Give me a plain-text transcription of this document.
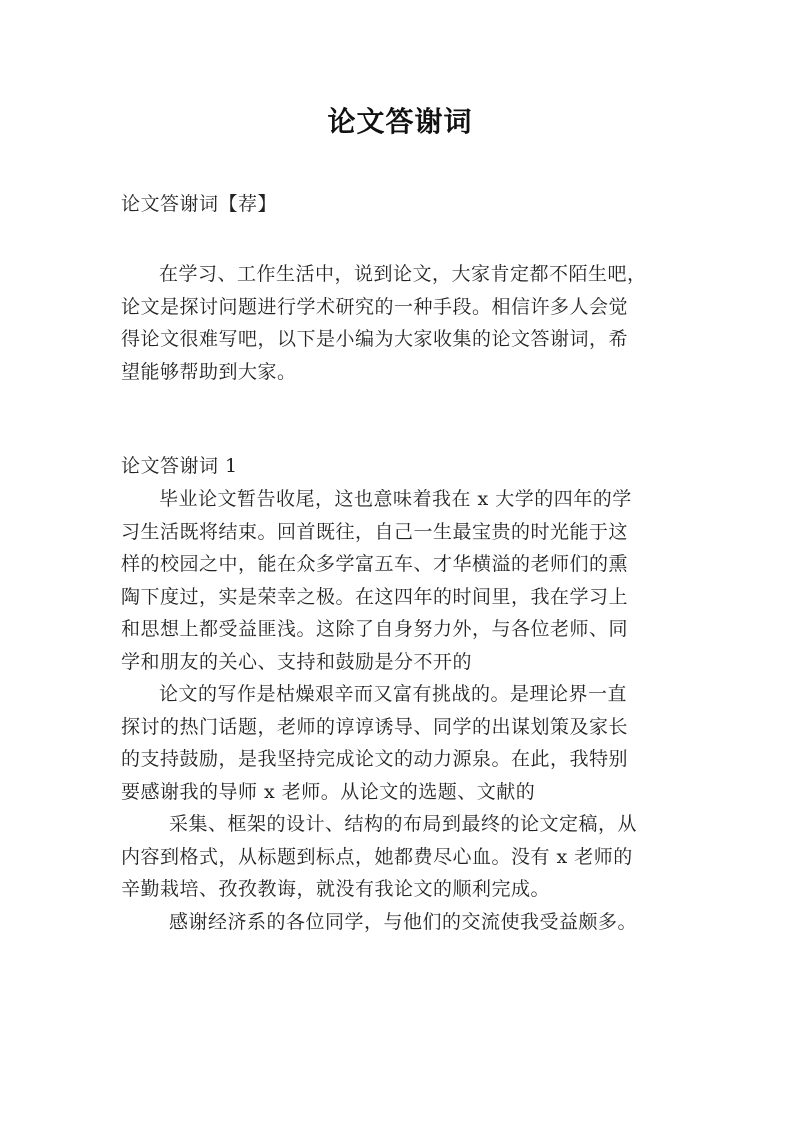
论文答谢词
论文答谢词【荐】
在学习、工作生活中，说到论文，大家肯定都不陌生吧，
论文是探讨问题进行学术研究的一种手段。相信许多人会觉
得论文很难写吧，以下是小编为大家收集的论文答谢词，希
望能够帮助到大家。
论文答谢词 1
毕业论文暂告收尾，这也意味着我在 x 大学的四年的学
习生活既将结束。回首既往，自己一生最宝贵的时光能于这
样的校园之中，能在众多学富五车、才华横溢的老师们的熏
陶下度过，实是荣幸之极。在这四年的时间里，我在学习上
和思想上都受益匪浅。这除了自身努力外，与各位老师、同
学和朋友的关心、支持和鼓励是分不开的
论文的写作是枯燥艰辛而又富有挑战的。是理论界一直
探讨的热门话题，老师的谆谆诱导、同学的出谋划策及家长
的支持鼓励，是我坚持完成论文的动力源泉。在此，我特别
要感谢我的导师 x 老师。从论文的选题、文献的
采集、框架的设计、结构的布局到最终的论文定稿，从
内容到格式，从标题到标点，她都费尽心血。没有 x 老师的
辛勤栽培、孜孜教诲，就没有我论文的顺利完成。
感谢经济系的各位同学，与他们的交流使我受益颇多。
